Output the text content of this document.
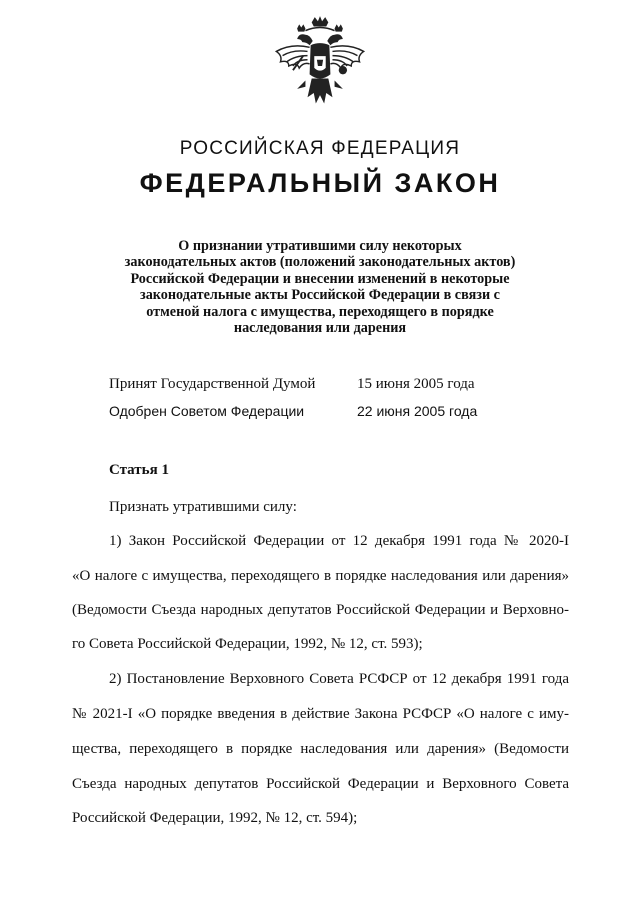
РОССИЙСКАЯ ФЕДЕРАЦИЯ
ФЕДЕРАЛЬНЫЙ ЗАКОН
О признании утратившими силу некоторых
законодательных актов (положений законодательных актов)
Российской Федерации и внесении изменений в некоторые
законодательные акты Российской Федерации в связи с
отменой налога с имущества, переходящего в порядке
наследования или дарения
Принят Государственной Думой	15 июня 2005 года
Одобрен Советом Федерации	22 июня 2005 года
Статья 1
Признать утратившими силу:
1) Закон Российской Федерации от 12 декабря 1991 года № 2020-I
«О налоге с имущества, переходящего в порядке наследования или дарения»
(Ведомости Съезда народных депутатов Российской Федерации и Верховно-
го Совета Российской Федерации, 1992, № 12, ст. 593);
2) Постановление Верховного Совета РСФСР от 12 декабря 1991 года
№ 2021-I «О порядке введения в действие Закона РСФСР «О налоге с иму-
щества, переходящего в порядке наследования или дарения» (Ведомости
Съезда народных депутатов Российской Федерации и Верховного Совета
Российской Федерации, 1992, № 12, ст. 594);
